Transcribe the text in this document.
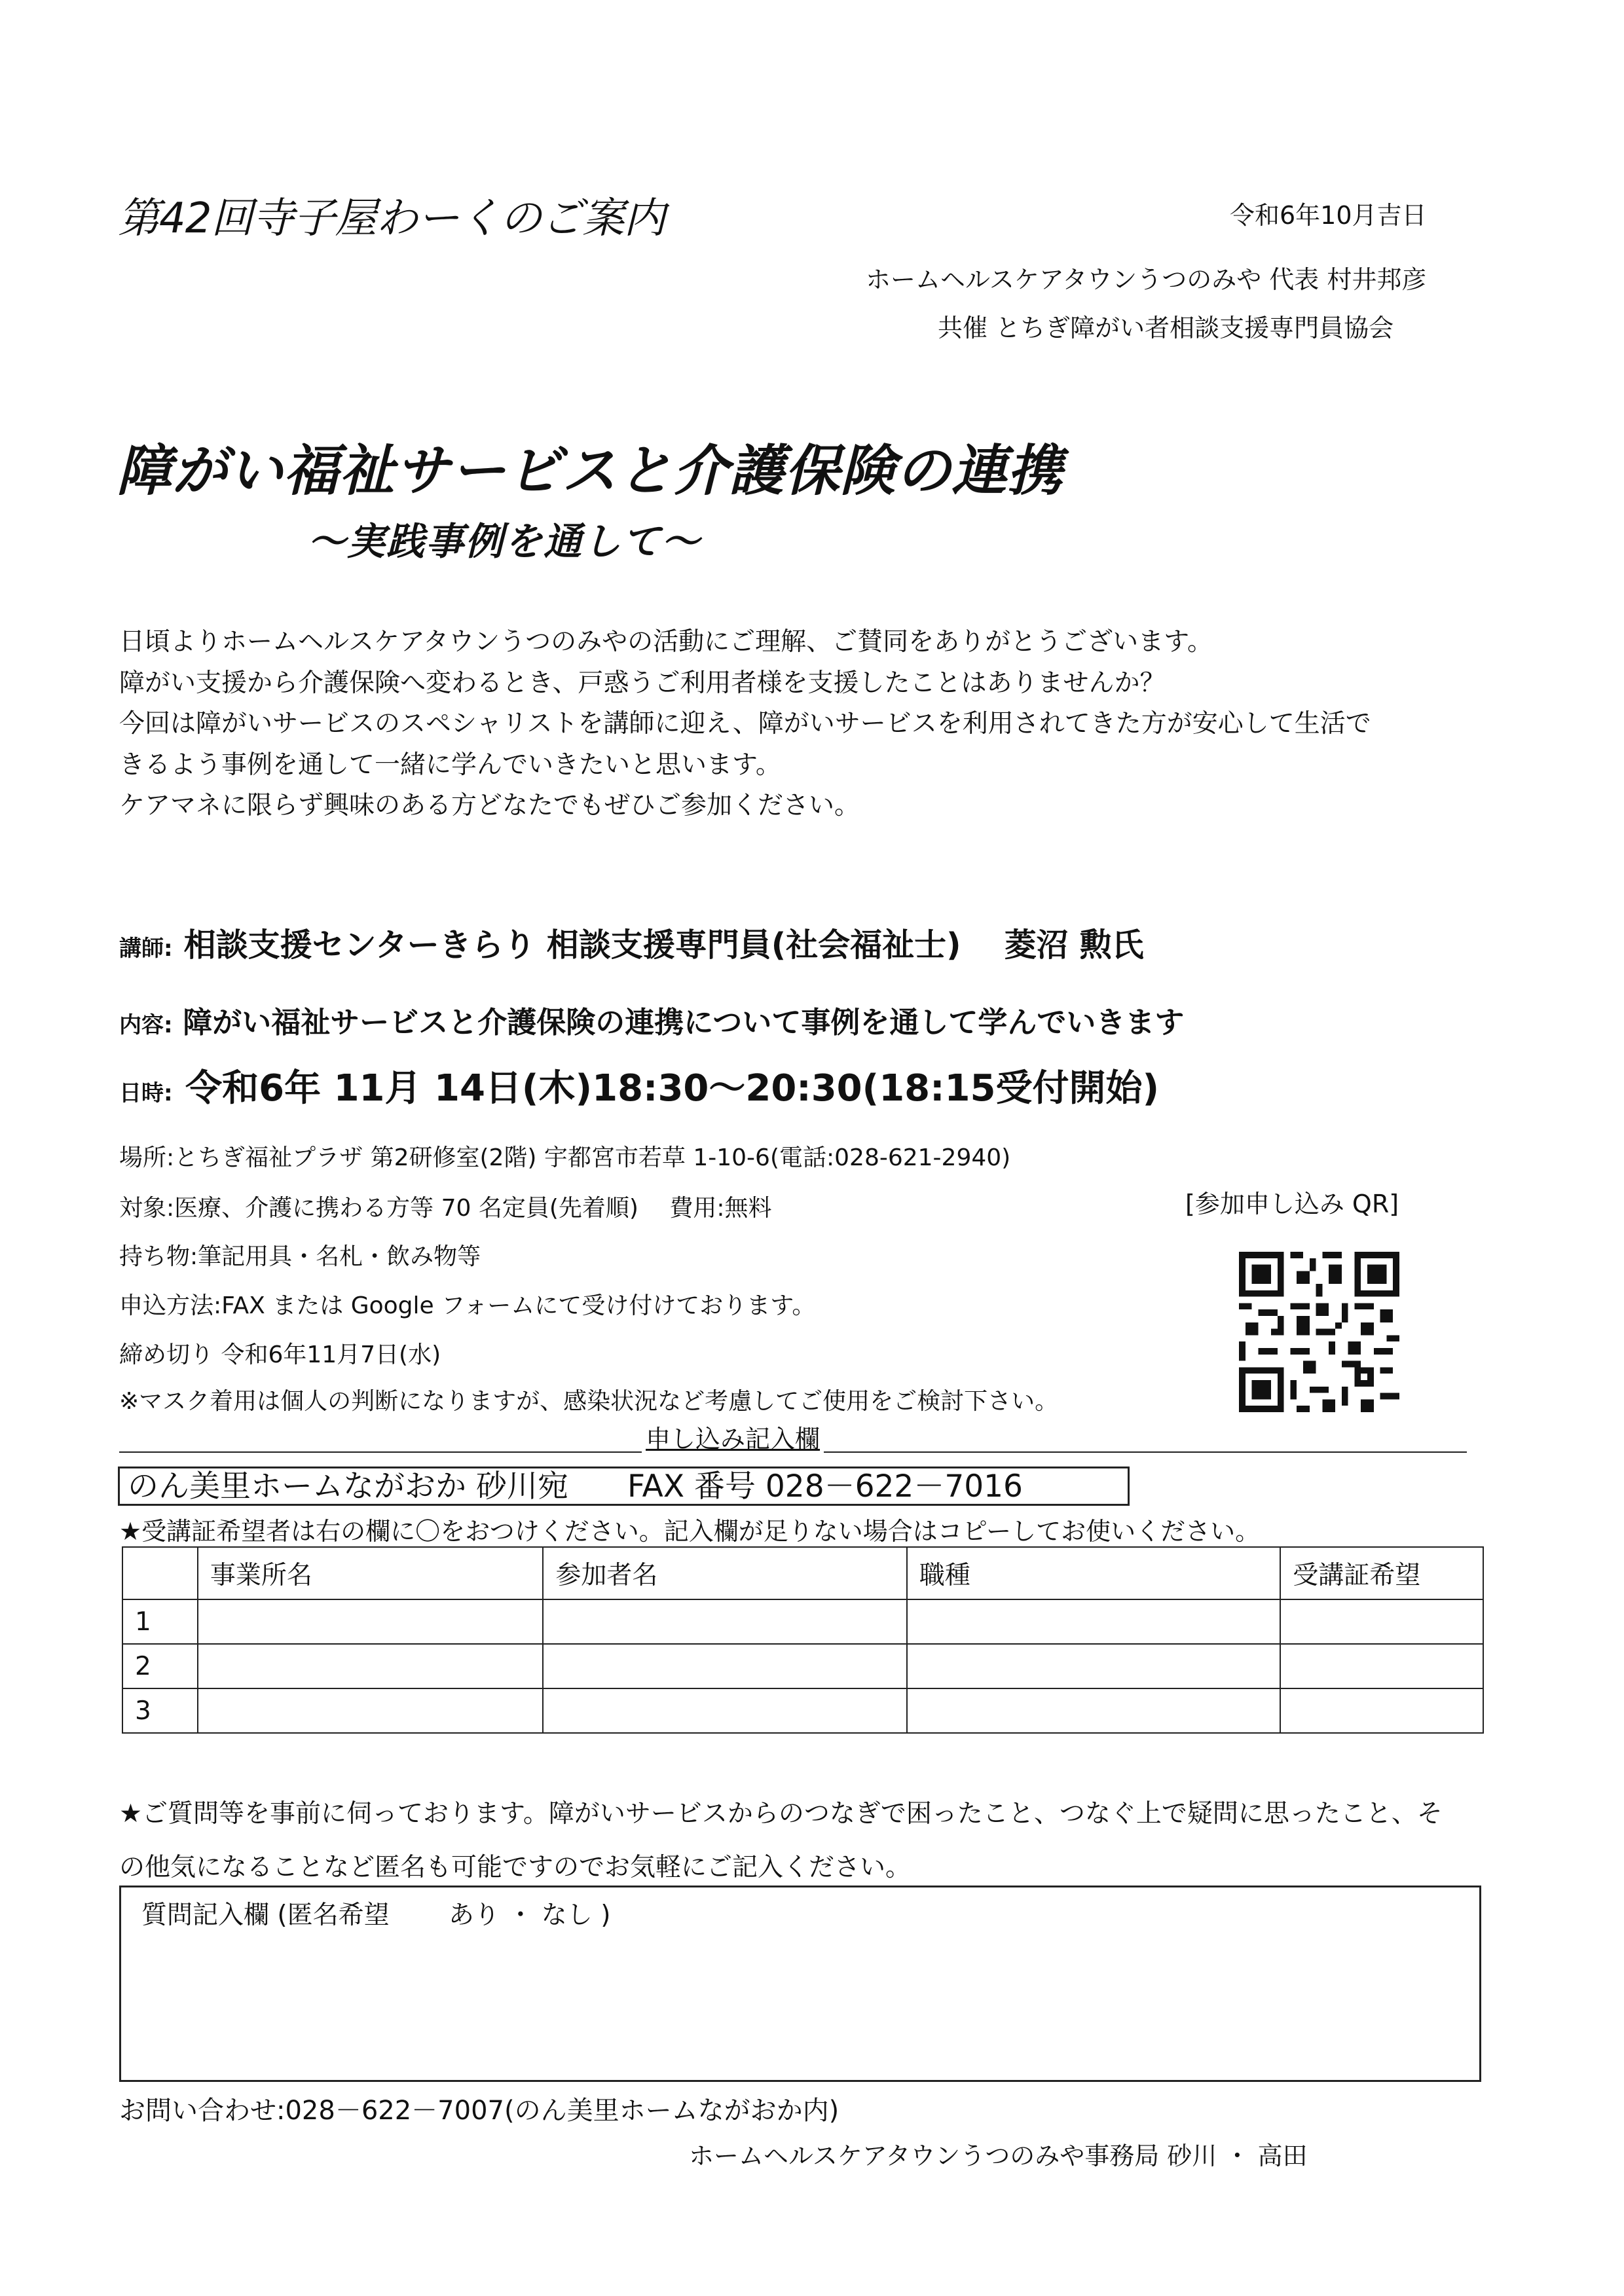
第42回寺子屋わーくのご案内	令和6年10月吉日
ホームヘルスケアタウンうつのみや 代表 村井邦彦
共催 とちぎ障がい者相談支援専門員協会
障がい福祉サービスと介護保険の連携
～実践事例を通して～
日頃よりホームヘルスケアタウンうつのみやの活動にご理解、ご賛同をありがとうございます。
障がい支援から介護保険へ変わるとき、戸惑うご利用者様を支援したことはありませんか？
今回は障がいサービスのスペシャリストを講師に迎え、障がいサービスを利用されてきた方が安心して生活で
きるよう事例を通して一緒に学んでいきたいと思います。
ケアマネに限らず興味のある方どなたでもぜひご参加ください。
講師: 相談支援センターきらり 相談支援専門員(社会福祉士)　 菱沼 勲氏
内容: 障がい福祉サービスと介護保険の連携について事例を通して学んでいきます
日時: 令和6年 11月 14日(木)18:30～20:30(18:15受付開始)
場所:とちぎ福祉プラザ 第2研修室(2階) 宇都宮市若草 1-10-6(電話:028-621-2940)
対象:医療、介護に携わる方等 70 名定員(先着順)　 費用:無料
持ち物:筆記用具・名札・飲み物等
申込方法:FAX または Google フォームにて受け付けております。
締め切り 令和6年11月7日(水)
※マスク着用は個人の判断になりますが、感染状況など考慮してご使用をご検討下さい。
[参加申し込み QR]
申し込み記入欄
のん美里ホームながおか 砂川宛 FAX 番号 028－622－7016
★受講証希望者は右の欄に〇をおつけください。記入欄が足りない場合はコピーしてお使いください。
	事業所名	参加者名	職種	受講証希望
1				
2				
3				
★ご質問等を事前に伺っております。障がいサービスからのつなぎで困ったこと、つなぐ上で疑問に思ったこと、そ
の他気になることなど匿名も可能ですのでお気軽にご記入ください。
質問記入欄 (匿名希望　　 あり ・ なし )
お問い合わせ:028－622－7007(のん美里ホームながおか内)
ホームヘルスケアタウンうつのみや事務局 砂川 ・ 高田
